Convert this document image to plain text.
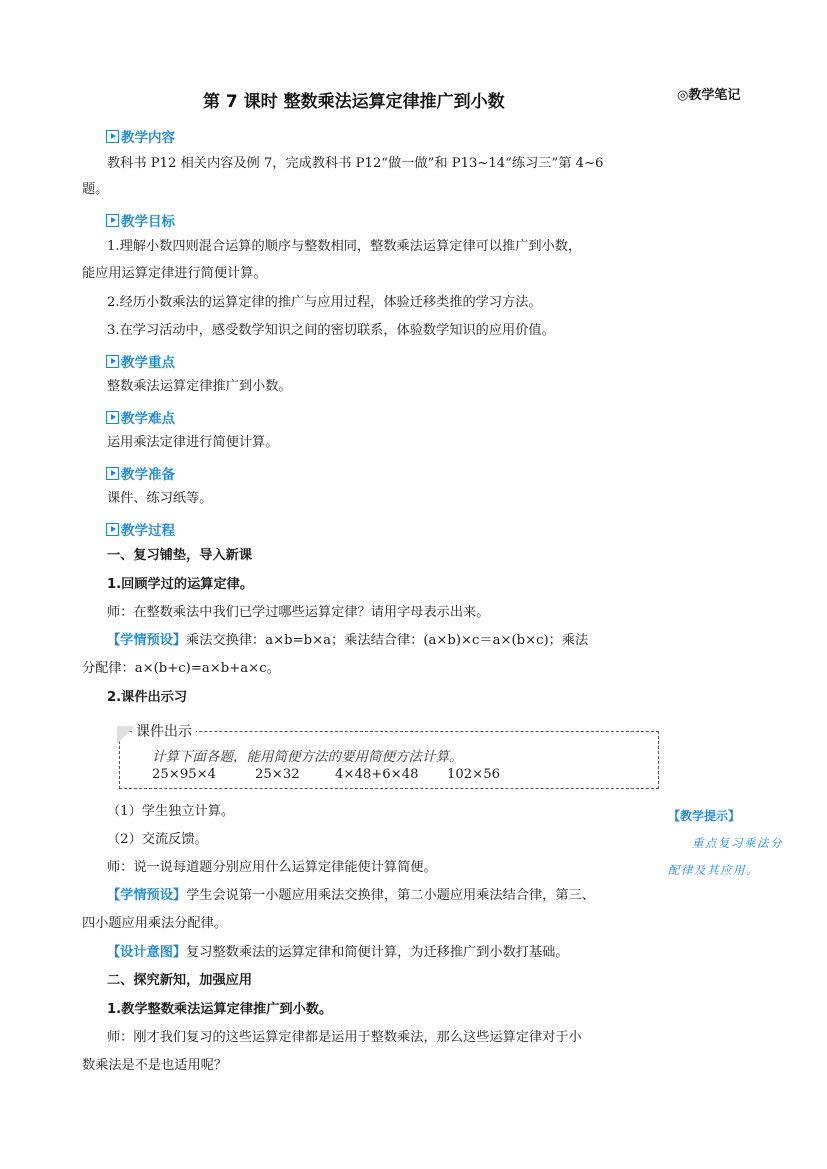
第 7 课时 整数乘法运算定律推广到小数	◎教学笔记
教学内容
教科书 P12 相关内容及例 7，完成教科书 P12“做一做”和 P13~14“练习三”第 4~6
题。
教学目标
1.理解小数四则混合运算的顺序与整数相同，整数乘法运算定律可以推广到小数，
能应用运算定律进行简便计算。
2.经历小数乘法的运算定律的推广与应用过程，体验迁移类推的学习方法。
3.在学习活动中，感受数学知识之间的密切联系，体验数学知识的应用价值。
教学重点
整数乘法运算定律推广到小数。
教学难点
运用乘法定律进行简便计算。
教学准备
课件、练习纸等。
教学过程
一、复习铺垫，导入新课
1.回顾学过的运算定律。
师：在整数乘法中我们已学过哪些运算定律？请用字母表示出来。
【学情预设】乘法交换律：a×b=b×a；乘法结合律：(a×b)×c＝a×(b×c)；乘法
分配律：a×(b+c)=a×b+a×c。
2.课件出示习
课件出示
计算下面各题，能用简便方法的要用简便方法计算。
25×95×4	25×32	4×48+6×48 102×56
（1）学生独立计算。
（2）交流反馈。
师：说一说每道题分别应用什么运算定律能使计算简便。
【学情预设】学生会说第一小题应用乘法交换律，第二小题应用乘法结合律，第三、
四小题应用乘法分配律。
【设计意图】复习整数乘法的运算定律和简便计算，为迁移推广到小数打基础。
二、探究新知，加强应用
1.教学整数乘法运算定律推广到小数。
师：刚才我们复习的这些运算定律都是运用于整数乘法，那么这些运算定律对于小
数乘法是不是也适用呢？
【教学提示】
重点复习乘法分
配律及其应用。
